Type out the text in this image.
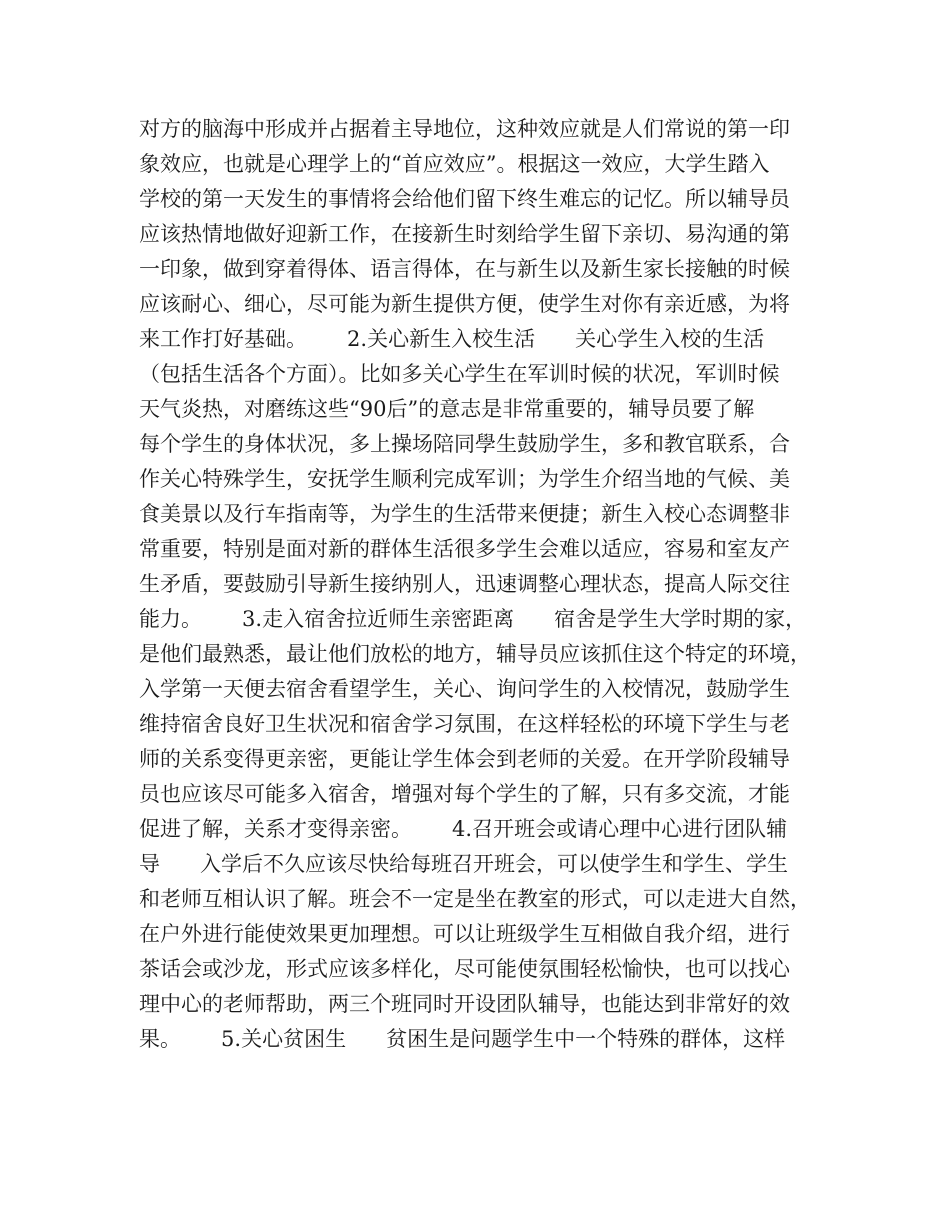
对方的脑海中形成并占据着主导地位，这种效应就是人们常说的第一印
象效应，也就是心理学上的“首应效应”。根据这一效应，大学生踏入
学校的第一天发生的事情将会给他们留下终生难忘的记忆。所以辅导员
应该热情地做好迎新工作，在接新生时刻给学生留下亲切、易沟通的第
一印象，做到穿着得体、语言得体，在与新生以及新生家长接触的时候
应该耐心、细心，尽可能为新生提供方便，使学生对你有亲近感，为将
来工作打好基础。      2.关心新生入校生活      关心学生入校的生活
（包括生活各个方面）。比如多关心学生在军训时候的状况，军训时候
天气炎热，对磨练这些“90后”的意志是非常重要的，辅导员要了解
每个学生的身体状况，多上操场陪同學生鼓励学生，多和教官联系，合
作关心特殊学生，安抚学生顺利完成军训；为学生介绍当地的气候、美
食美景以及行车指南等，为学生的生活带来便捷；新生入校心态调整非
常重要，特别是面对新的群体生活很多学生会难以适应，容易和室友产
生矛盾，要鼓励引导新生接纳别人，迅速调整心理状态，提高人际交往
能力。      3.走入宿舍拉近师生亲密距离      宿舍是学生大学时期的家，
是他们最熟悉，最让他们放松的地方，辅导员应该抓住这个特定的环境，
入学第一天便去宿舍看望学生，关心、询问学生的入校情况，鼓励学生
维持宿舍良好卫生状况和宿舍学习氛围，在这样轻松的环境下学生与老
师的关系变得更亲密，更能让学生体会到老师的关爱。在开学阶段辅导
员也应该尽可能多入宿舍，增强对每个学生的了解，只有多交流，才能
促进了解，关系才变得亲密。      4.召开班会或请心理中心进行团队辅
导      入学后不久应该尽快给每班召开班会，可以使学生和学生、学生
和老师互相认识了解。班会不一定是坐在教室的形式，可以走进大自然，
在户外进行能使效果更加理想。可以让班级学生互相做自我介绍，进行
茶话会或沙龙，形式应该多样化，尽可能使氛围轻松愉快，也可以找心
理中心的老师帮助，两三个班同时开设团队辅导，也能达到非常好的效
果。      5.关心贫困生      贫困生是问题学生中一个特殊的群体，这样
